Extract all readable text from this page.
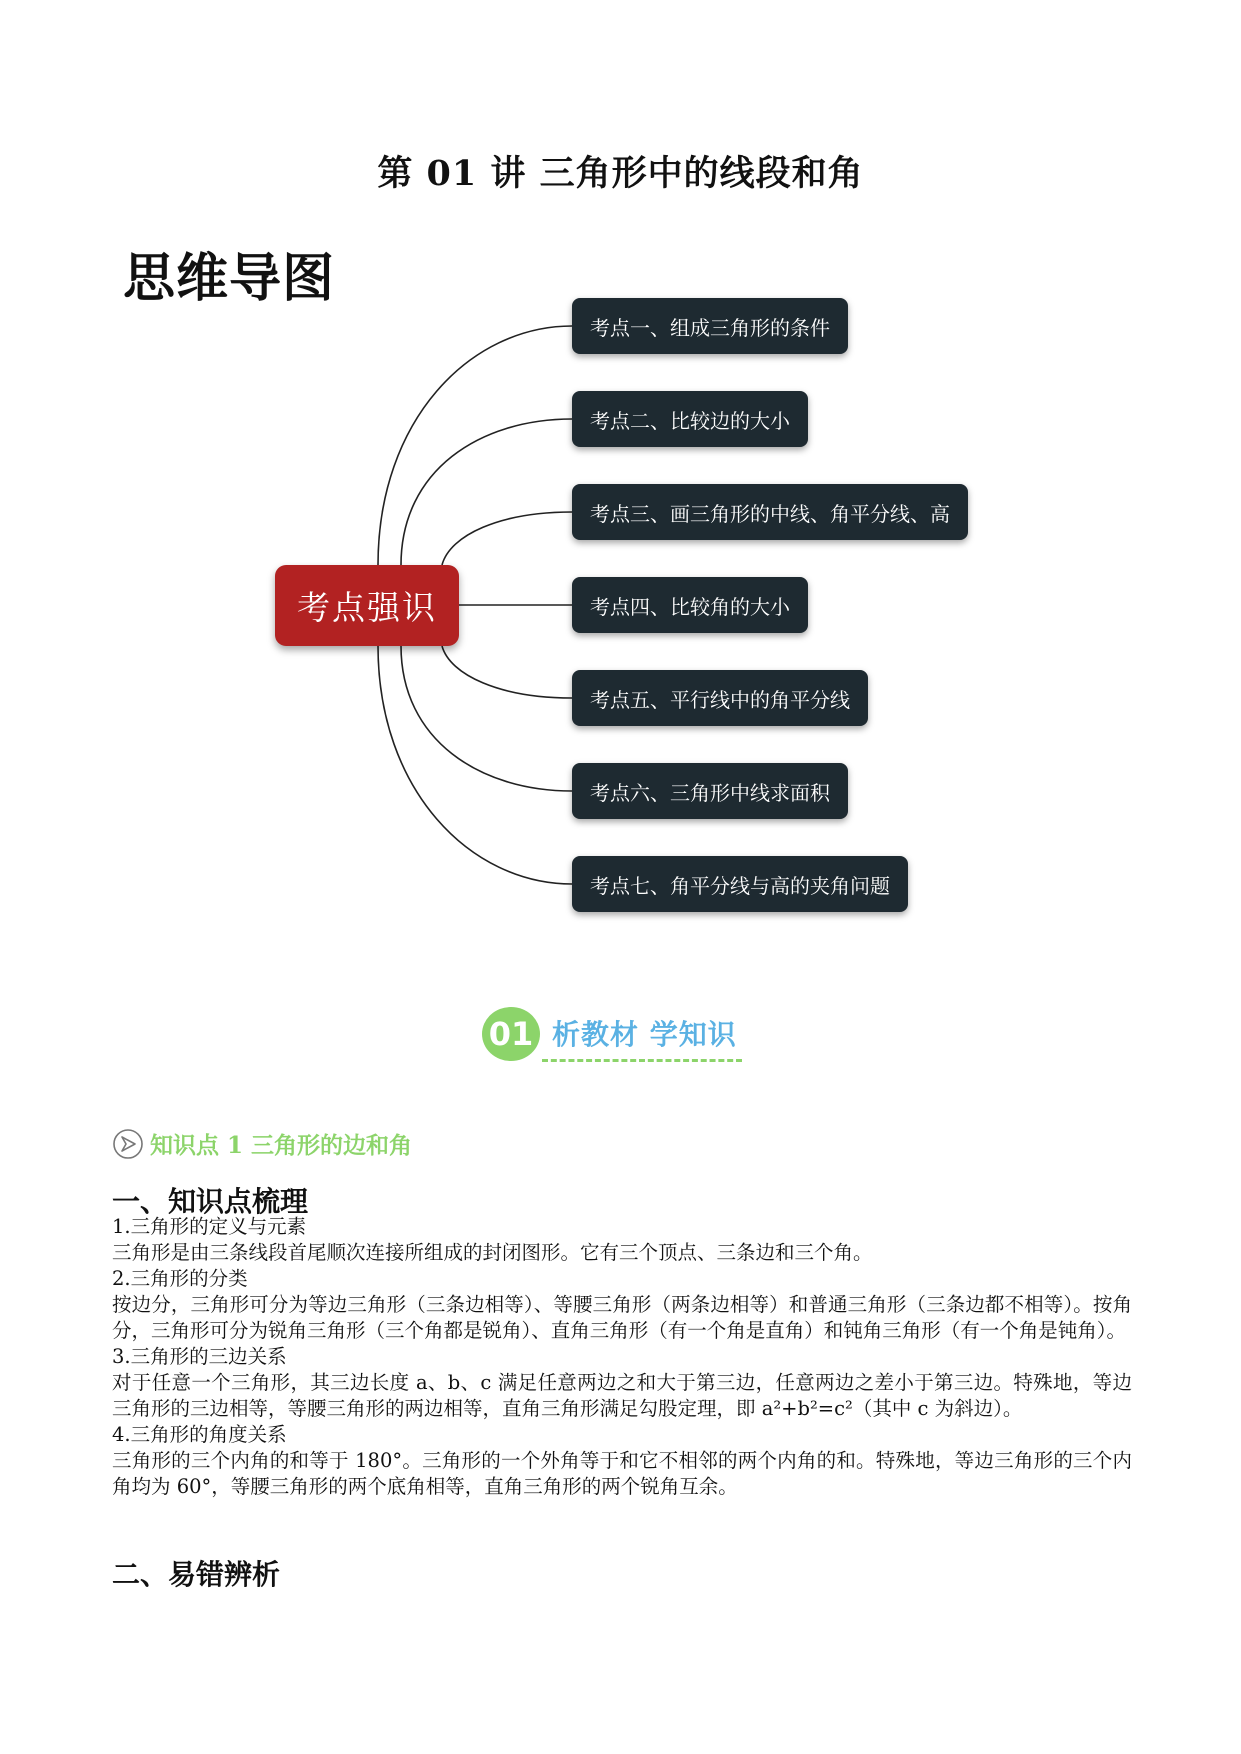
第 01 讲 三角形中的线段和角
思维导图
考点强识
考点一、组成三角形的条件
考点二、比较边的大小
考点三、画三角形的中线、角平分线、高
考点四、比较角的大小
考点五、平行线中的角平分线
考点六、三角形中线求面积
考点七、角平分线与高的夹角问题
01 析教材 学知识
知识点 1 三角形的边和角
一、知识点梳理

1.三角形的定义与元素

三角形是由三条线段首尾顺次连接所组成的封闭图形。它有三个顶点、三条边和三个角。

2.三角形的分类

按边分，三角形可分为等边三角形（三条边相等）、等腰三角形（两条边相等）和普通三角形（三条边都不相等）。按角分，三角形可分为锐角三角形（三个角都是锐角）、直角三角形（有一个角是直角）和钝角三角形（有一个角是钝角）。

3.三角形的三边关系

对于任意一个三角形，其三边长度 a、b、c 满足任意两边之和大于第三边，任意两边之差小于第三边。特殊地，等边三角形的三边相等，等腰三角形的两边相等，直角三角形满足勾股定理，即 a²+b²=c²（其中 c 为斜边）。

4.三角形的角度关系

三角形的三个内角的和等于 180°。三角形的一个外角等于和它不相邻的两个内角的和。特殊地，等边三角形的三个内角均为 60°，等腰三角形的两个底角相等，直角三角形的两个锐角互余。

二、易错辨析
